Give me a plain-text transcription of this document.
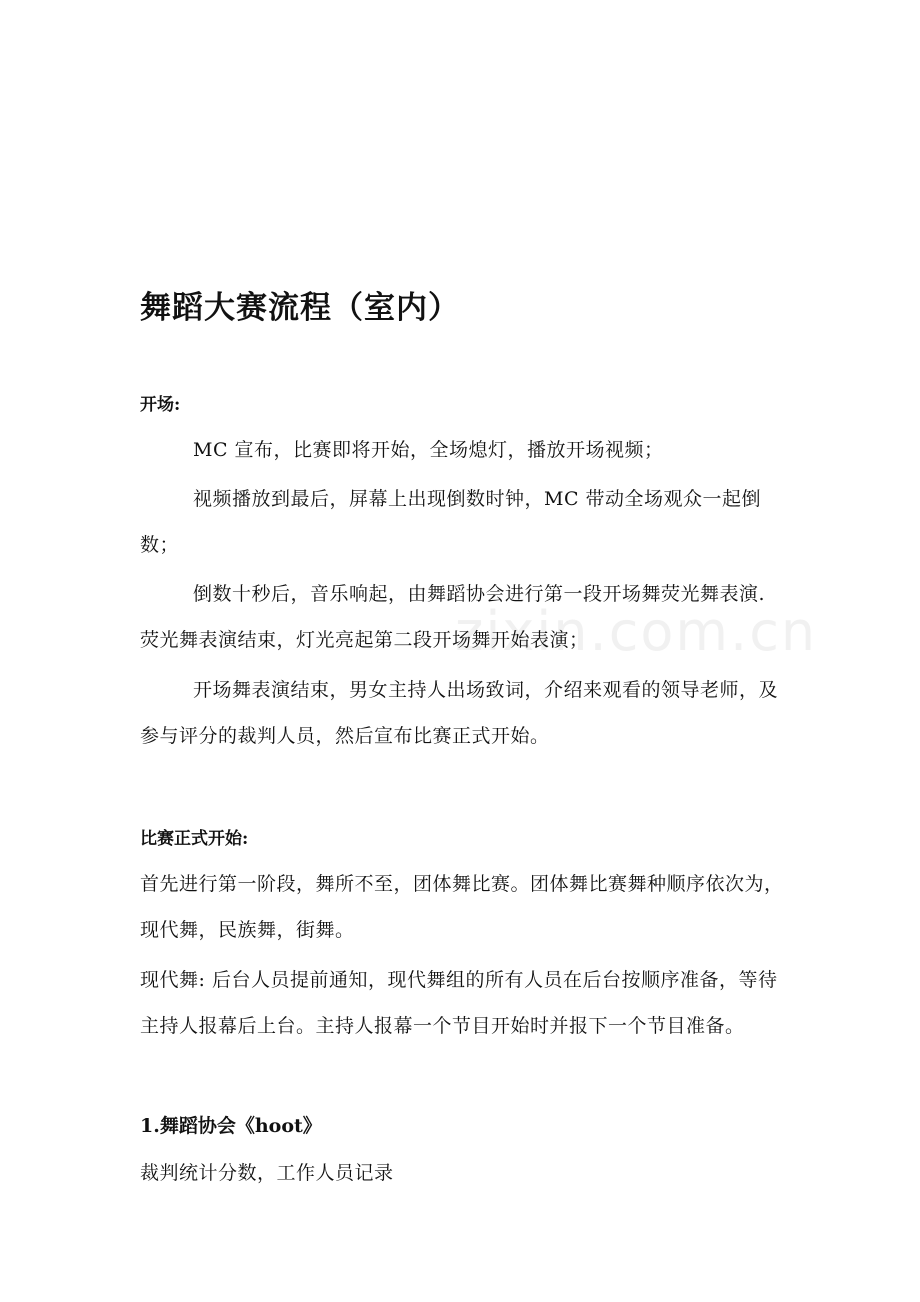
zixin.com.cn
舞蹈大赛流程（室内）
开场:

MC 宣布，比赛即将开始，全场熄灯，播放开场视频；

视频播放到最后，屏幕上出现倒数时钟，MC 带动全场观众一起倒数；

倒数十秒后，音乐响起，由舞蹈协会进行第一段开场舞荧光舞表演.荧光舞表演结束，灯光亮起第二段开场舞开始表演；

开场舞表演结束，男女主持人出场致词，介绍来观看的领导老师，及参与评分的裁判人员，然后宣布比赛正式开始。

比赛正式开始:

首先进行第一阶段，舞所不至，团体舞比赛。团体舞比赛舞种顺序依次为，现代舞，民族舞，街舞。

现代舞: 后台人员提前通知，现代舞组的所有人员在后台按顺序准备，等待主持人报幕后上台。主持人报幕一个节目开始时并报下一个节目准备。

1.舞蹈协会《hoot》
裁判统计分数，工作人员记录
